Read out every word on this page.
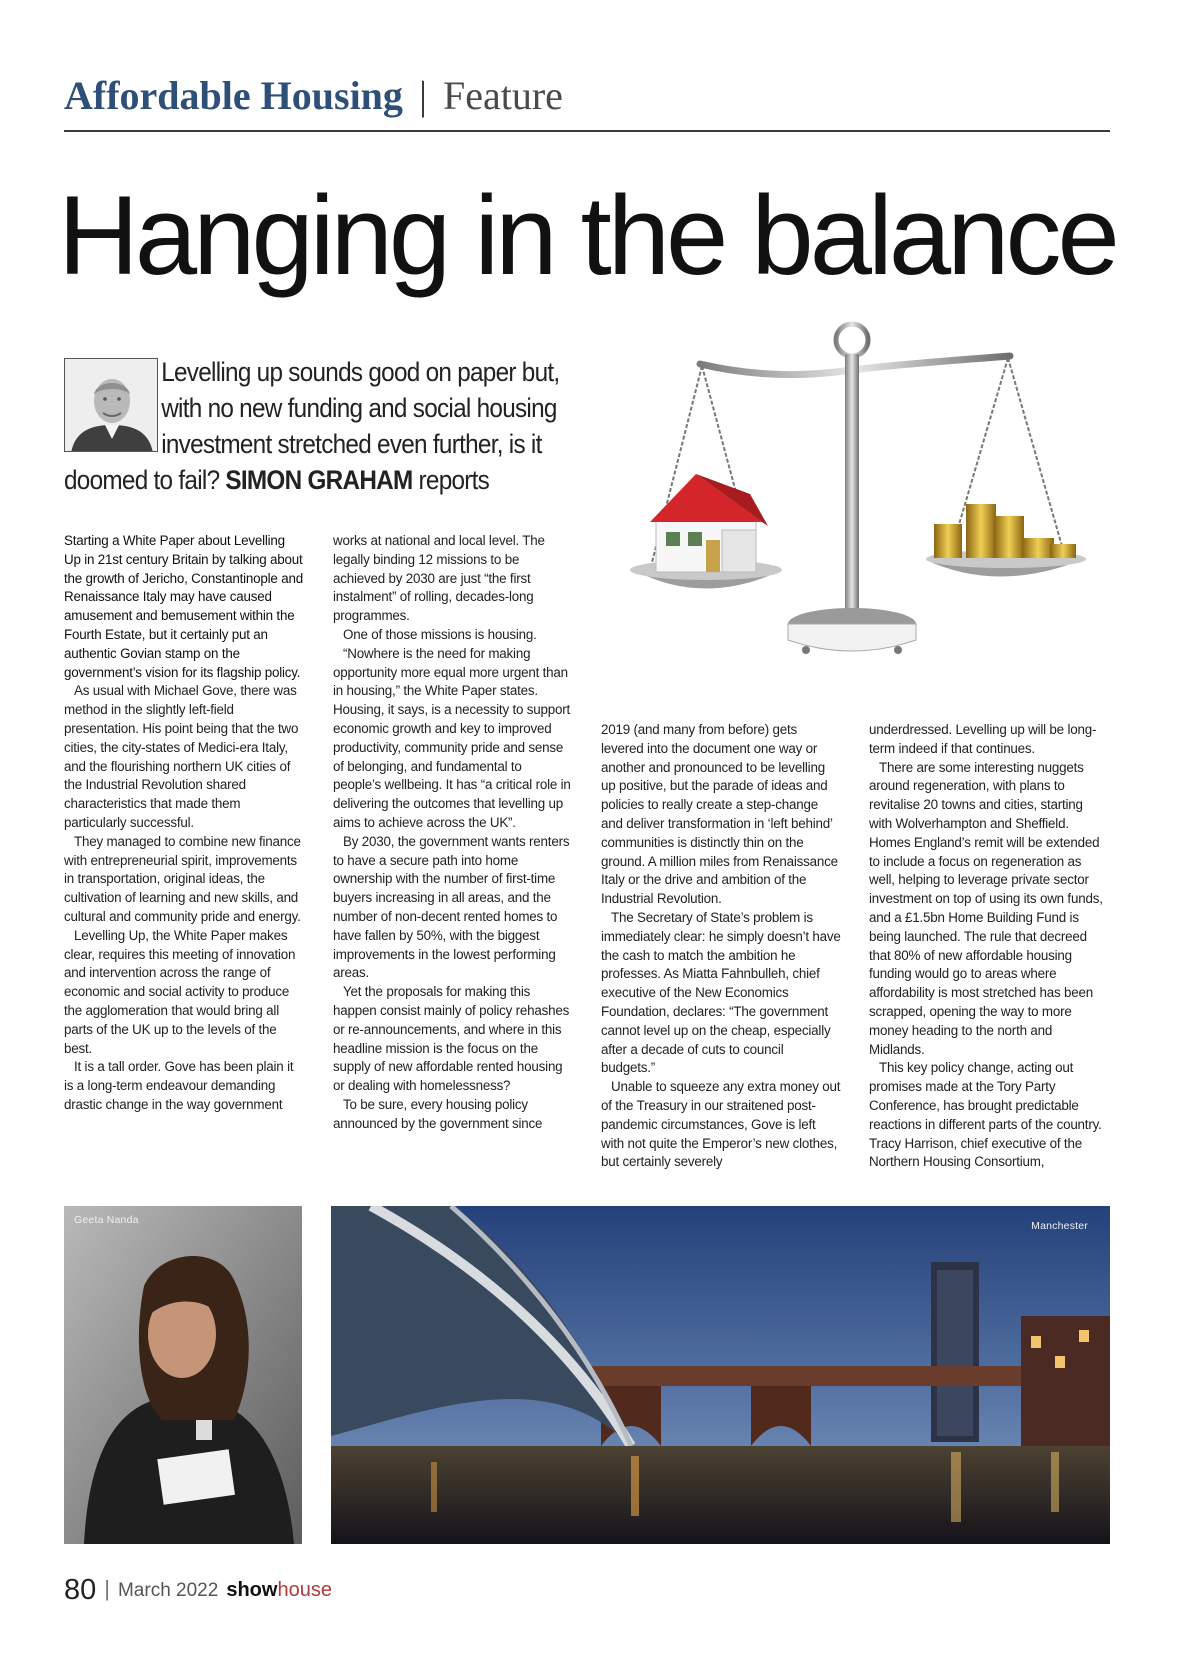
Affordable Housing | Feature
Hanging in the balance
Levelling up sounds good on paper but,
with no new funding and social housing
investment stretched even further, is it
doomed to fail? SIMON GRAHAM reports

Starting a White Paper about Levelling Up in 21st century Britain by talking about the growth of Jericho, Constantinople and Renaissance Italy may have caused amusement and bemusement within the Fourth Estate, but it certainly put an authentic Govian stamp on the government’s vision for its flagship policy.

As usual with Michael Gove, there was method in the slightly left-field presentation. His point being that the two cities, the city-states of Medici-era Italy, and the flourishing northern UK cities of the Industrial Revolution shared characteristics that made them particularly successful.

They managed to combine new finance with entrepreneurial spirit, improvements in transportation, original ideas, the cultivation of learning and new skills, and cultural and community pride and energy.

Levelling Up, the White Paper makes clear, requires this meeting of innovation and intervention across the range of economic and social activity to produce the agglomeration that would bring all parts of the UK up to the levels of the best.

It is a tall order. Gove has been plain it is a long-term endeavour demanding drastic change in the way government

works at national and local level. The legally binding 12 missions to be achieved by 2030 are just “the first instalment” of rolling, decades-long programmes.

One of those missions is housing.

“Nowhere is the need for making opportunity more equal more urgent than in housing,” the White Paper states. Housing, it says, is a necessity to support economic growth and key to improved productivity, community pride and sense of belonging, and fundamental to people’s wellbeing. It has “a critical role in delivering the outcomes that levelling up aims to achieve across the UK”.

By 2030, the government wants renters to have a secure path into home ownership with the number of first-time buyers increasing in all areas, and the number of non-decent rented homes to have fallen by 50%, with the biggest improvements in the lowest performing areas.

Yet the proposals for making this happen consist mainly of policy rehashes or re-announcements, and where in this headline mission is the focus on the supply of new affordable rented housing or dealing with homelessness?

To be sure, every housing policy announced by the government since

2019 (and many from before) gets levered into the document one way or another and pronounced to be levelling up positive, but the parade of ideas and policies to really create a step-change and deliver transformation in ‘left behind’ communities is distinctly thin on the ground. A million miles from Renaissance Italy or the drive and ambition of the Industrial Revolution.

The Secretary of State’s problem is immediately clear: he simply doesn’t have the cash to match the ambition he professes. As Miatta Fahnbulleh, chief executive of the New Economics Foundation, declares: “The government cannot level up on the cheap, especially after a decade of cuts to council budgets.”

Unable to squeeze any extra money out of the Treasury in our straitened post-pandemic circumstances, Gove is left with not quite the Emperor’s new clothes, but certainly severely

underdressed. Levelling up will be long-term indeed if that continues.

There are some interesting nuggets around regeneration, with plans to revitalise 20 towns and cities, starting with Wolverhampton and Sheffield. Homes England’s remit will be extended to include a focus on regeneration as well, helping to leverage private sector investment on top of using its own funds, and a £1.5bn Home Building Fund is being launched. The rule that decreed that 80% of new affordable housing funding would go to areas where affordability is most stretched has been scrapped, opening the way to more money heading to the north and Midlands.

This key policy change, acting out promises made at the Tory Party Conference, has brought predictable reactions in different parts of the country. Tracy Harrison, chief executive of the Northern Housing Consortium,

Geeta Nanda	Manchester
80 | March 2022 showhouse
